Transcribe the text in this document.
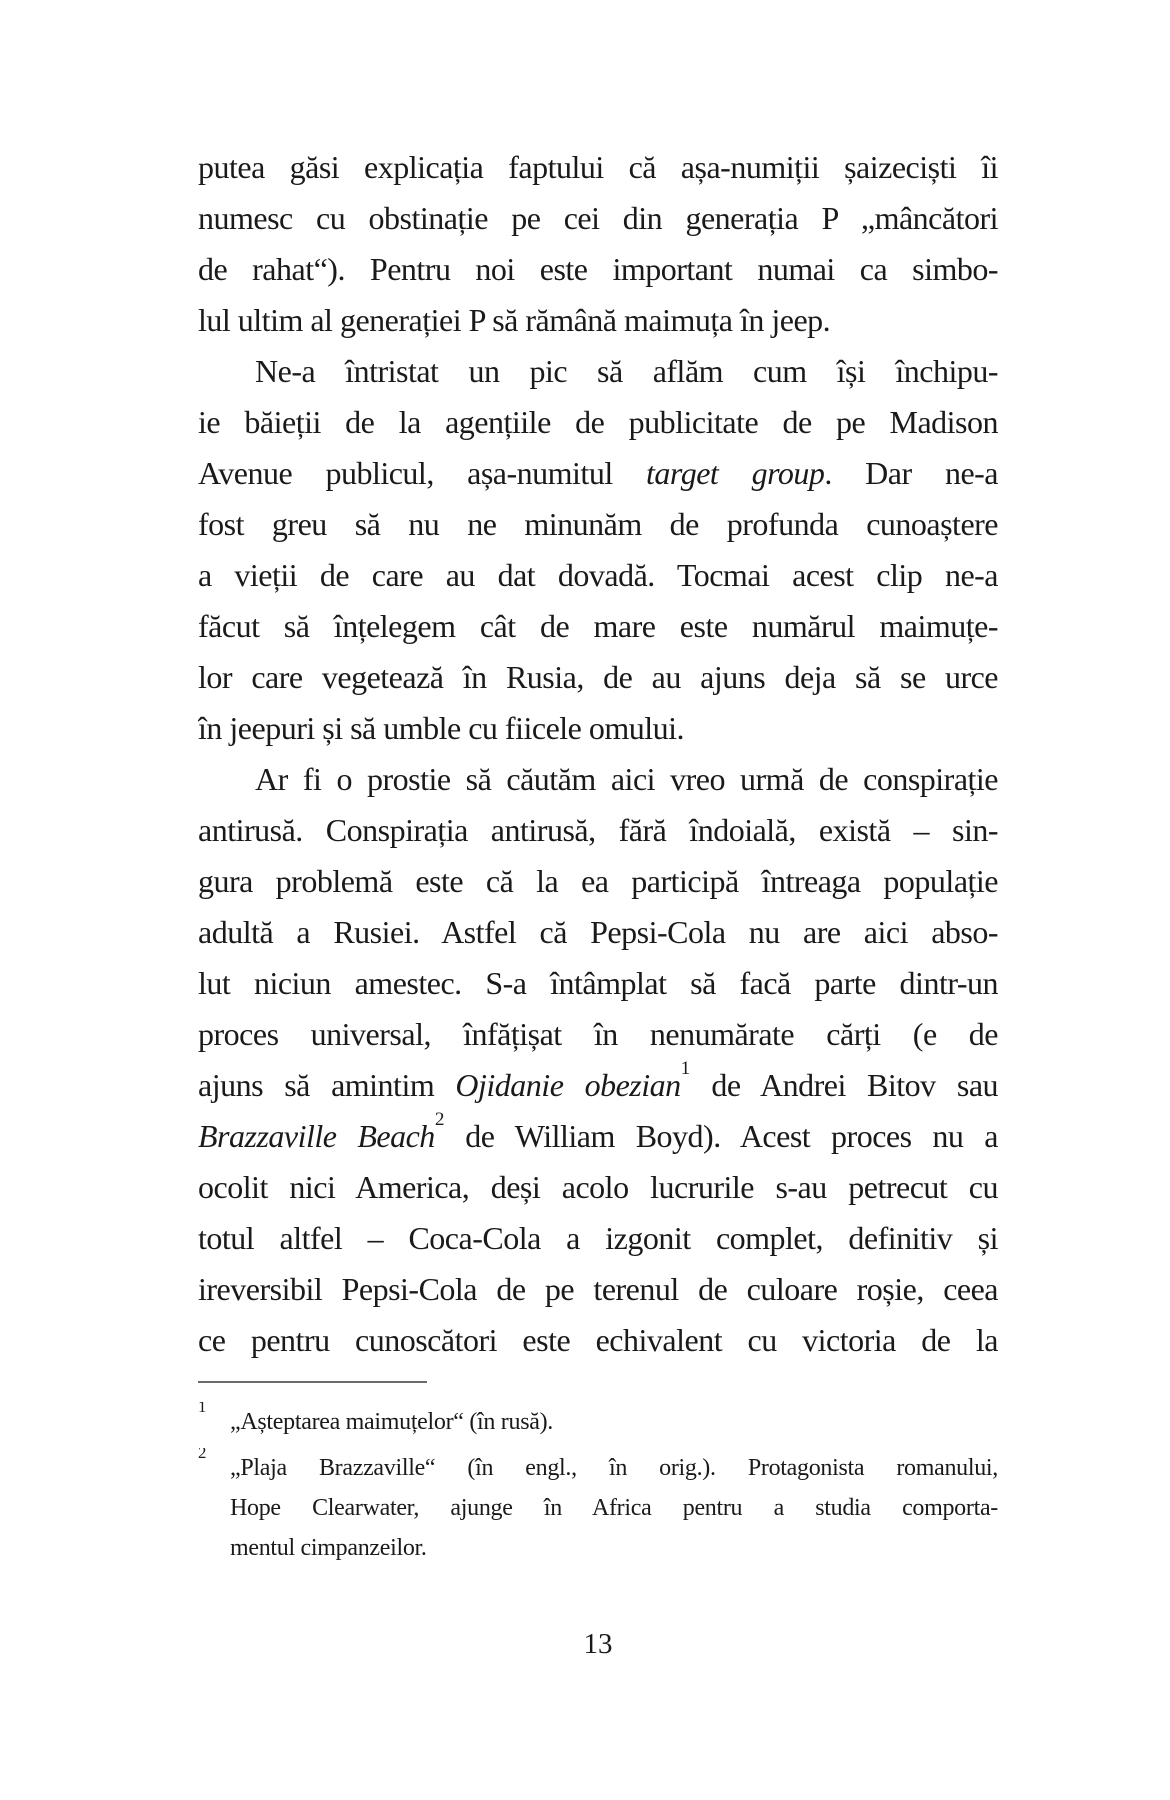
putea găsi explicația faptului că așa-numiții șaizeciști îi
numesc cu obstinație pe cei din generația P „mâncători
de rahat“). Pentru noi este important numai ca simbo-
lul ultim al generației P să rămână maimuța în jeep.
Ne-a întristat un pic să aflăm cum își închipu-
ie băieții de la agențiile de publicitate de pe Madison
Avenue publicul, așa-numitul target group. Dar ne-a
fost greu să nu ne minunăm de profunda cunoaștere
a vieții de care au dat dovadă. Tocmai acest clip ne-a
făcut să înțelegem cât de mare este numărul maimuțe-
lor care vegetează în Rusia, de au ajuns deja să se urce
în jeepuri și să umble cu fiicele omului.
Ar fi o prostie să căutăm aici vreo urmă de conspirație
antirusă. Conspirația antirusă, fără îndoială, există – sin-
gura problemă este că la ea participă întreaga populație
adultă a Rusiei. Astfel că Pepsi-Cola nu are aici abso-
lut niciun amestec. S-a întâmplat să facă parte dintr-un
proces universal, înfățișat în nenumărate cărți (e de
ajuns să amintim Ojidanie obezian$^1$ de Andrei Bitov sau
Brazzaville Beach$^2$ de William Boyd). Acest proces nu a
ocolit nici America, deși acolo lucrurile s-au petrecut cu
totul altfel – Coca-Cola a izgonit complet, definitiv și
ireversibil Pepsi-Cola de pe terenul de culoare roșie, ceea
ce pentru cunoscători este echivalent cu victoria de la
$^1$„Așteptarea maimuțelor“ (în rusă).
$^2$„Plaja Brazzaville“ (în engl., în orig.). Protagonista romanului,
Hope Clearwater, ajunge în Africa pentru a studia comporta-
mentul cimpanzeilor.
13
